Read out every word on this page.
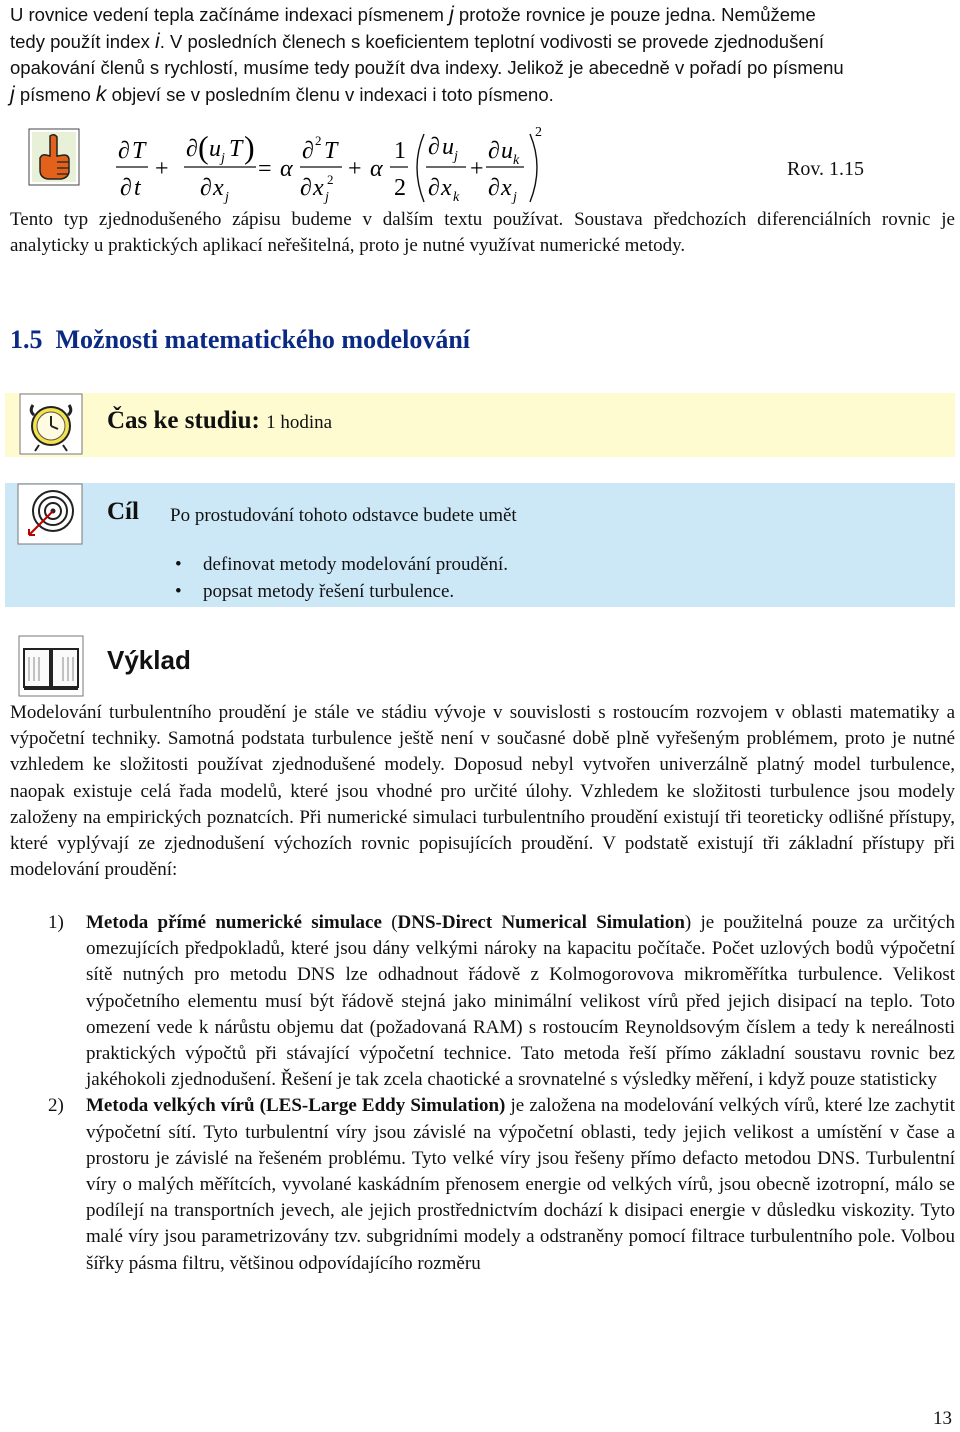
U rovnice vedení tepla začínáme indexaci písmenem j protože rovnice je pouze jedna. Nemůžeme
tedy použít index i. V posledních členech s koeficientem teplotní vodivosti se provede zjednodušení
opakování členů s rychlostí, musíme tedy použít dva indexy. Jelikož je abecedně v pořadí po písmenu
j písmeno k objeví se v posledním členu v indexaci i toto písmeno.
∂ T
∂ t
+
∂ ( u j T )
∂ x j
= α
∂ 2 T
∂ x 2
j
+ α
1
2
2
∂ u j
∂ x k
+
∂ u k
∂ x j
Rov. 1.15
Tento typ zjednodušeného zápisu budeme v dalším textu používat. Soustava předchozích diferenciálních rovnic je analyticky u praktických aplikací neřešitelná, proto je nutné využívat numerické metody.
1.5 Možnosti matematického modelování
Čas ke studiu: 1 hodina
Cíl Po prostudování tohoto odstavce budete umět
• definovat metody modelování proudění.
• popsat metody řešení turbulence.
Výklad
Modelování turbulentního proudění je stále ve stádiu vývoje v souvislosti s rostoucím rozvojem v oblasti matematiky a výpočetní techniky. Samotná podstata turbulence ještě není v současné době plně vyřešeným problémem, proto je nutné vzhledem ke složitosti používat zjednodušené modely. Doposud nebyl vytvořen univerzálně platný model turbulence, naopak existuje celá řada modelů, které jsou vhodné pro určité úlohy. Vzhledem ke složitosti turbulence jsou modely založeny na empirických poznatcích. Při numerické simulaci turbulentního proudění existují tři teoreticky odlišné přístupy, které vyplývají ze zjednodušení výchozích rovnic popisujících proudění. V podstatě existují tři základní přístupy při modelování proudění:
1) Metoda přímé numerické simulace (DNS-Direct Numerical Simulation) je použitelná pouze za určitých omezujících předpokladů, které jsou dány velkými nároky na kapacitu počítače. Počet uzlových bodů výpočetní sítě nutných pro metodu DNS lze odhadnout řádově z Kolmogorovova mikroměřítka turbulence. Velikost výpočetního elementu musí být řádově stejná jako minimální velikost vírů před jejich disipací na teplo. Toto omezení vede k nárůstu objemu dat (požadovaná RAM) s rostoucím Reynoldsovým číslem a tedy k nereálnosti praktických výpočtů při stávající výpočetní technice. Tato metoda řeší přímo základní soustavu rovnic bez jakéhokoli zjednodušení. Řešení je tak zcela chaotické a srovnatelné s výsledky měření, i když pouze statisticky
2) Metoda velkých vírů (LES-Large Eddy Simulation) je založena na modelování velkých vírů, které lze zachytit výpočetní sítí. Tyto turbulentní víry jsou závislé na výpočetní oblasti, tedy jejich velikost a umístění v čase a prostoru je závislé na řešeném problému. Tyto velké víry jsou řešeny přímo defacto metodou DNS. Turbulentní víry o malých měřítcích, vyvolané kaskádním přenosem energie od velkých vírů, jsou obecně izotropní, málo se podílejí na transportních jevech, ale jejich prostřednictvím dochází k disipaci energie v důsledku viskozity. Tyto malé víry jsou parametrizovány tzv. subgridními modely a odstraněny pomocí filtrace turbulentního pole. Volbou šířky pásma filtru, většinou odpovídajícího rozměru
13
